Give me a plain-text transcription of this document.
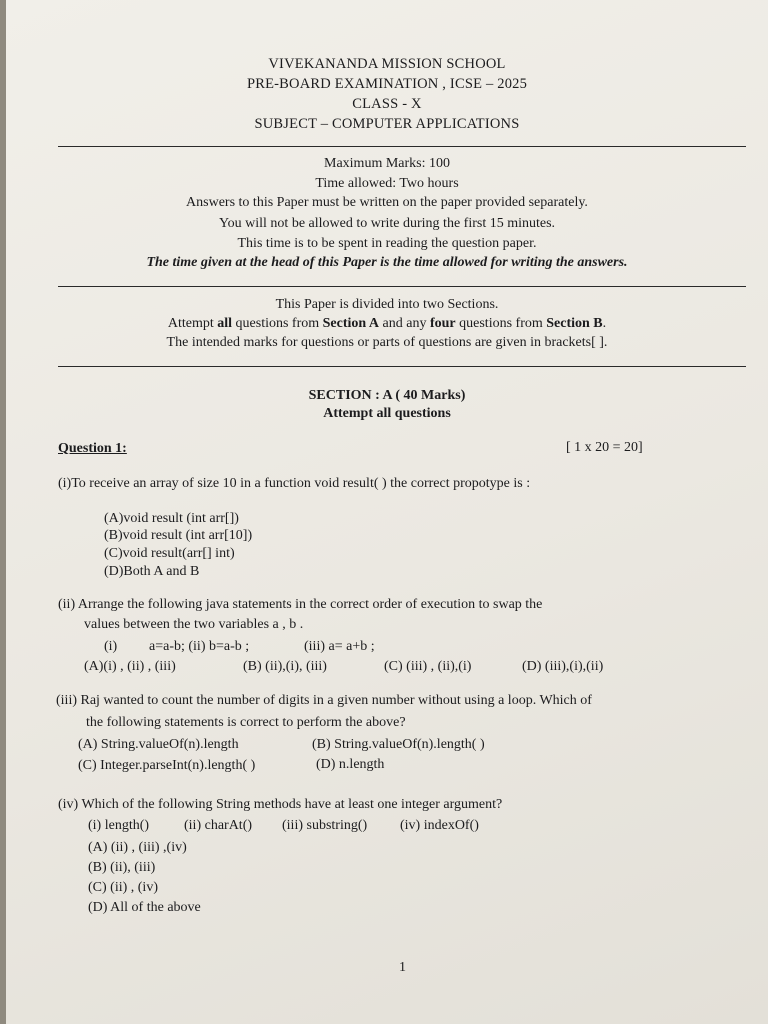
VIVEKANANDA MISSION SCHOOL
PRE-BOARD EXAMINATION , ICSE – 2025
CLASS - X
SUBJECT – COMPUTER APPLICATIONS
Maximum Marks: 100
Time allowed: Two hours
Answers to this Paper must be written on the paper provided separately.
You will not be allowed to write during the first 15 minutes.
This time is to be spent in reading the question paper.
The time given at the head of this Paper is the time allowed for writing the answers.
This Paper is divided into two Sections.
Attempt all questions from Section A and any four questions from Section B.
The intended marks for questions or parts of questions are given in brackets[ ].
SECTION : A ( 40 Marks)
Attempt all questions
Question 1:	[ 1 x 20 = 20]
(i)To receive an array of size 10 in a function void result( ) the correct propotype is :
(A)void result (int arr[])
(B)void result (int arr[10])
(C)void result(arr[] int)
(D)Both A and B
(ii) Arrange the following java statements in the correct order of execution to swap the
values between the two variables a , b .
(i) a=a-b; (ii) b=a-b ;	(iii) a= a+b ;
(A)(i) , (ii) , (iii)	(B) (ii),(i), (iii)	(C) (iii) , (ii),(i)	(D) (iii),(i),(ii)
(iii) Raj wanted to count the number of digits in a given number without using a loop. Which of
the following statements is correct to perform the above?
(A) String.valueOf(n).length	(B) String.valueOf(n).length( )
(C) Integer.parseInt(n).length( )	(D) n.length
(iv) Which of the following String methods have at least one integer argument?
(i) length() (ii) charAt() (iii) substring() (iv) indexOf()
(A) (ii) , (iii) ,(iv)
(B) (ii), (iii)
(C) (ii) , (iv)
(D) All of the above
1
